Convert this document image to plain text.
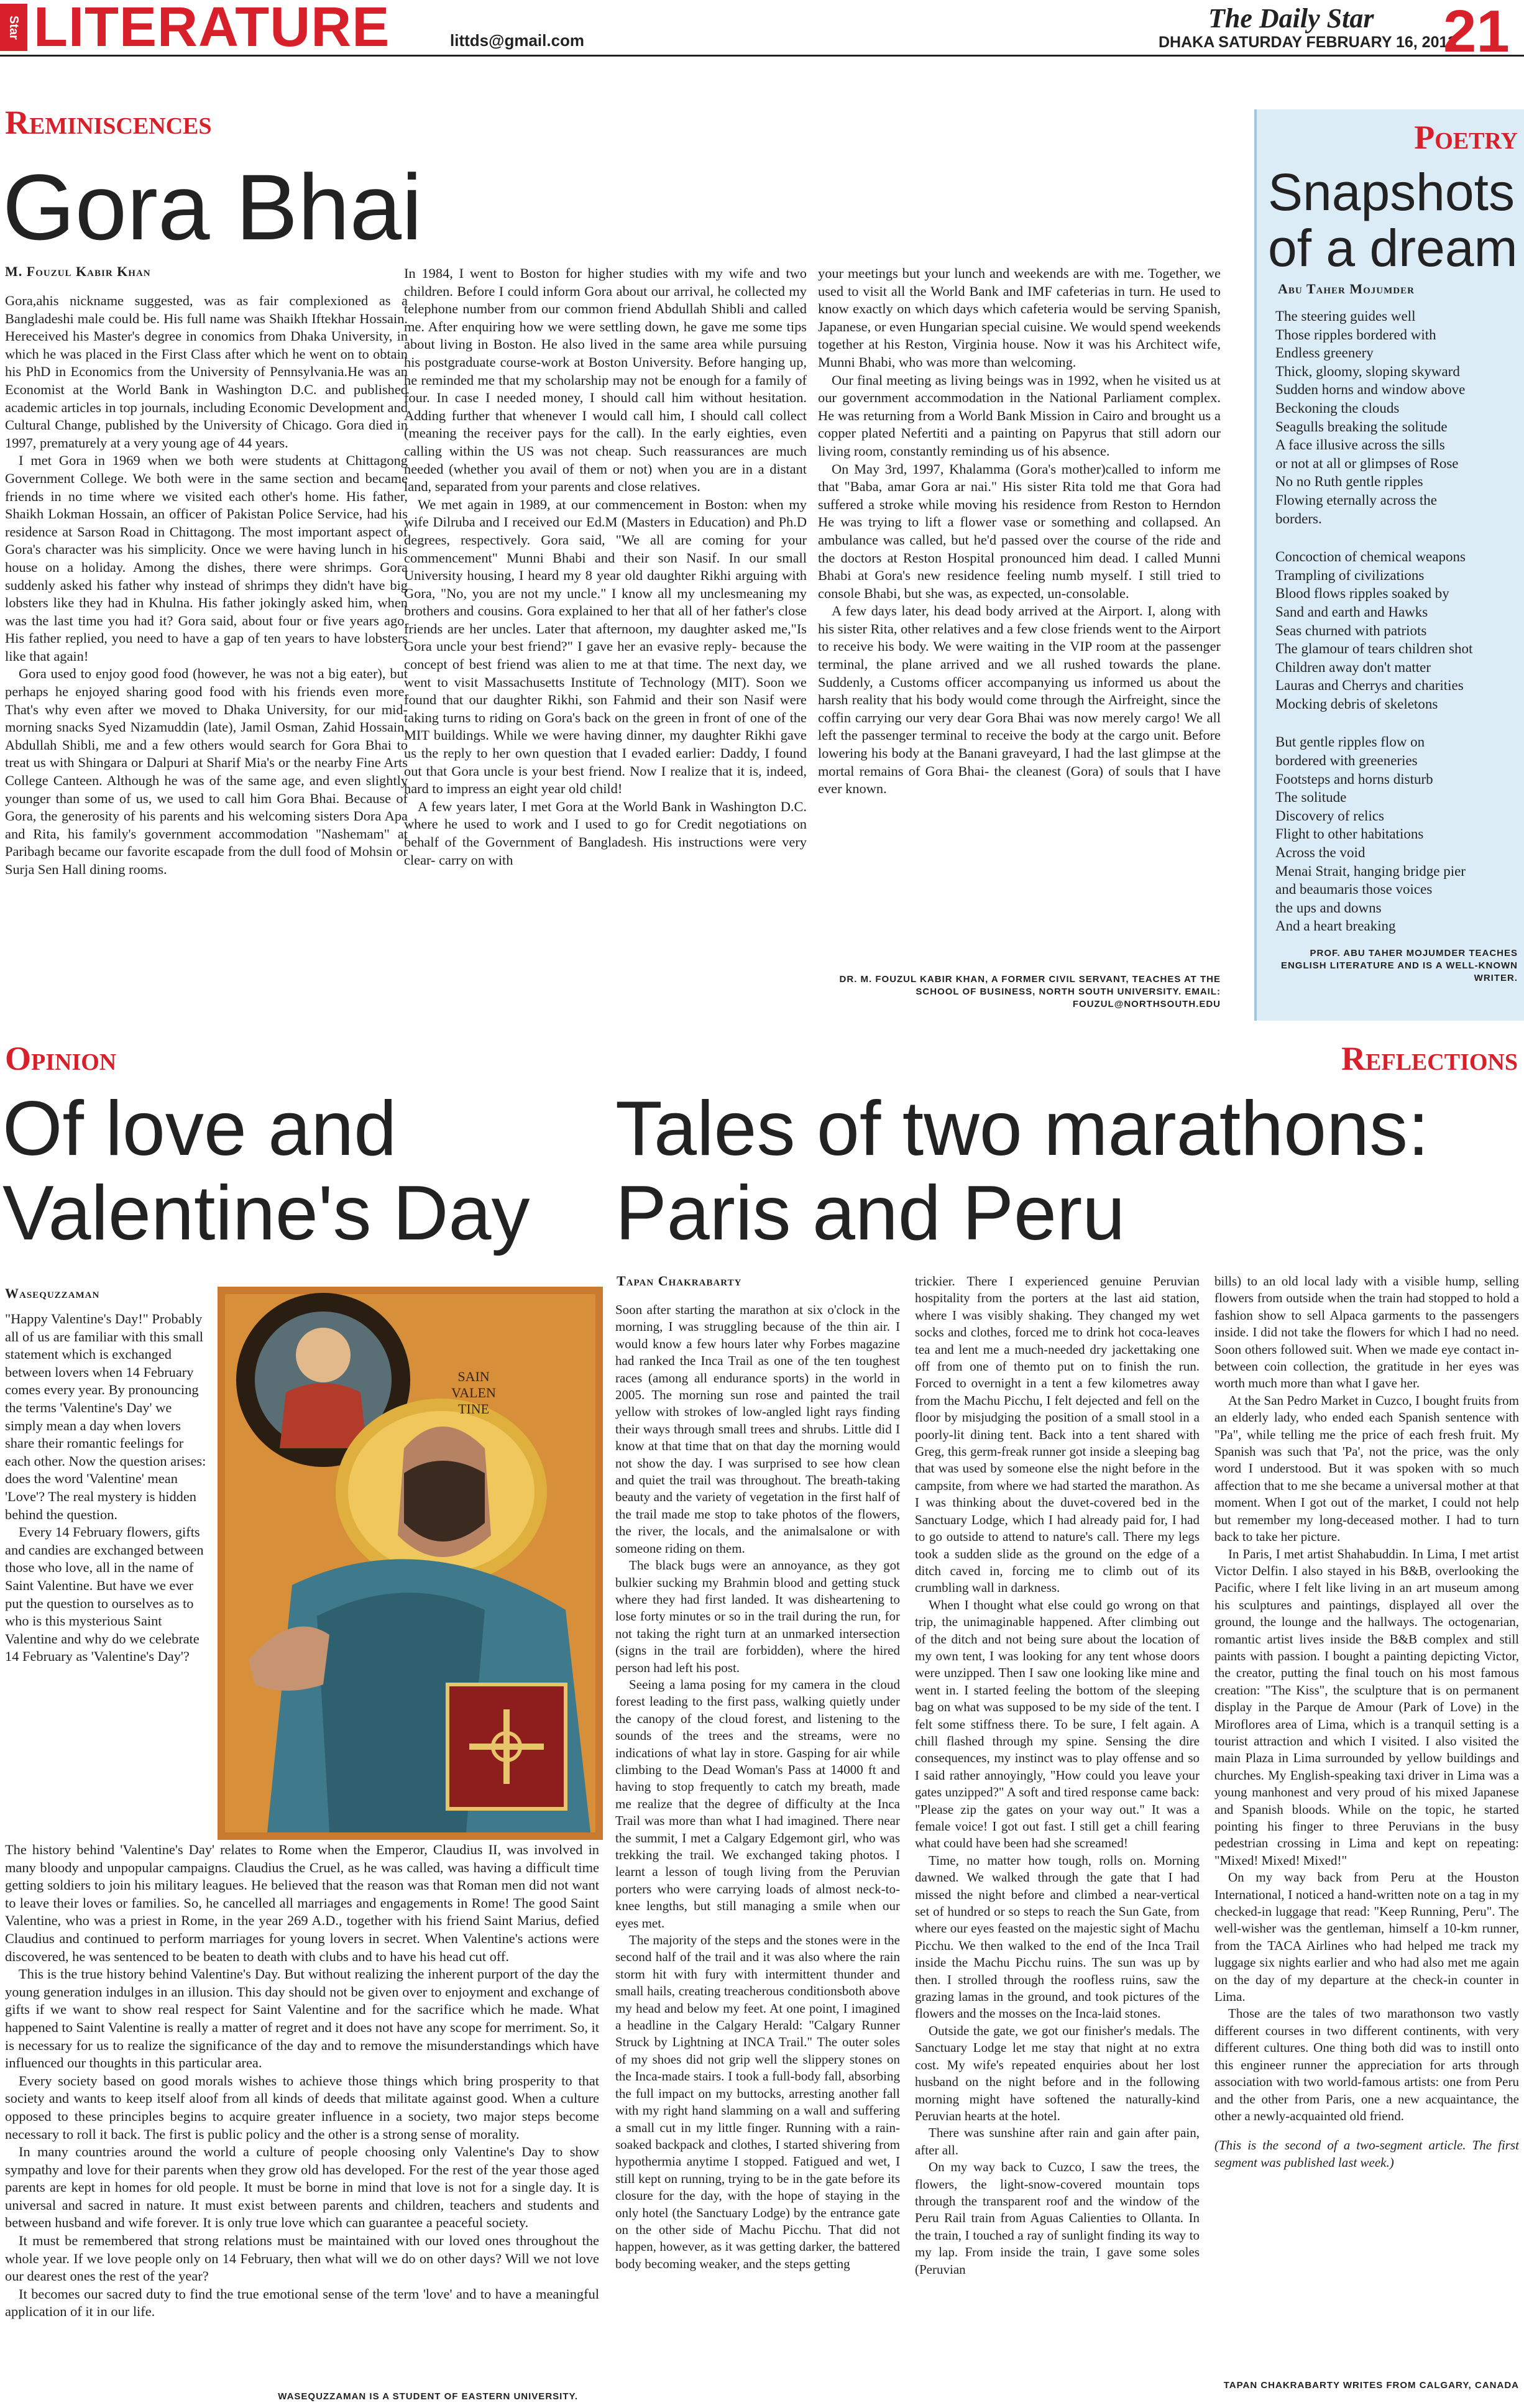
Star LITERATURE	littds@gmail.com
The Daily Star
DHAKA SATURDAY FEBRUARY 16, 2013
21
Reminiscences
Gora Bhai
M. Fouzul Kabir Khan

Gora,ahis nickname suggested, was as fair complexioned as a Bangladeshi male could be. His full name was Shaikh Iftekhar Hossain. Hereceived his Master's degree in conomics from Dhaka University, in which he was placed in the First Class after which he went on to obtain his PhD in Economics from the University of Pennsylvania.He was an Economist at the World Bank in Washington D.C. and published academic articles in top journals, including Economic Development and Cultural Change, published by the University of Chicago. Gora died in 1997, prematurely at a very young age of 44 years.

I met Gora in 1969 when we both were students at Chittagong Government College. We both were in the same section and became friends in no time where we visited each other's home. His father, Shaikh Lokman Hossain, an officer of Pakistan Police Service, had his residence at Sarson Road in Chittagong. The most important aspect of Gora's character was his simplicity. Once we were having lunch in his house on a holiday. Among the dishes, there were shrimps. Gora suddenly asked his father why instead of shrimps they didn't have big lobsters like they had in Khulna. His father jokingly asked him, when was the last time you had it? Gora said, about four or five years ago. His father replied, you need to have a gap of ten years to have lobsters like that again!

Gora used to enjoy good food (however, he was not a big eater), but perhaps he enjoyed sharing good food with his friends even more. That's why even after we moved to Dhaka University, for our mid-morning snacks Syed Nizamuddin (late), Jamil Osman, Zahid Hossain, Abdullah Shibli, me and a few others would search for Gora Bhai to treat us with Shingara or Dalpuri at Sharif Mia's or the nearby Fine Arts College Canteen. Although he was of the same age, and even slightly younger than some of us, we used to call him Gora Bhai. Because of Gora, the generosity of his parents and his welcoming sisters Dora Apa and Rita, his family's government accommodation "Nashemam" at Paribagh became our favorite escapade from the dull food of Mohsin or Surja Sen Hall dining rooms.

In 1984, I went to Boston for higher studies with my wife and two children. Before I could inform Gora about our arrival, he collected my telephone number from our common friend Abdullah Shibli and called me. After enquiring how we were settling down, he gave me some tips about living in Boston. He also lived in the same area while pursuing his postgraduate course-work at Boston University. Before hanging up, he reminded me that my scholarship may not be enough for a family of four. In case I needed money, I should call him without hesitation. Adding further that whenever I would call him, I should call collect (meaning the receiver pays for the call). In the early eighties, even calling within the US was not cheap. Such reassurances are much needed (whether you avail of them or not) when you are in a distant land, separated from your parents and close relatives.

We met again in 1989, at our commencement in Boston: when my wife Dilruba and I received our Ed.M (Masters in Education) and Ph.D degrees, respectively. Gora said, "We all are coming for your commencement" Munni Bhabi and their son Nasif. In our small University housing, I heard my 8 year old daughter Rikhi arguing with Gora, "No, you are not my uncle." I know all my unclesmeaning my brothers and cousins. Gora explained to her that all of her father's close friends are her uncles. Later that afternoon, my daughter asked me,"Is Gora uncle your best friend?" I gave her an evasive reply- because the concept of best friend was alien to me at that time. The next day, we went to visit Massachusetts Institute of Technology (MIT). Soon we found that our daughter Rikhi, son Fahmid and their son Nasif were taking turns to riding on Gora's back on the green in front of one of the MIT buildings. While we were having dinner, my daughter Rikhi gave us the reply to her own question that I evaded earlier: Daddy, I found out that Gora uncle is your best friend. Now I realize that it is, indeed, hard to impress an eight year old child!

A few years later, I met Gora at the World Bank in Washington D.C. where he used to work and I used to go for Credit negotiations on behalf of the Government of Bangladesh. His instructions were very clear- carry on with

your meetings but your lunch and weekends are with me. Together, we used to visit all the World Bank and IMF cafeterias in turn. He used to know exactly on which days which cafeteria would be serving Spanish, Japanese, or even Hungarian special cuisine. We would spend weekends together at his Reston, Virginia house. Now it was his Architect wife, Munni Bhabi, who was more than welcoming.

Our final meeting as living beings was in 1992, when he visited us at our government accommodation in the National Parliament complex. He was returning from a World Bank Mission in Cairo and brought us a copper plated Nefertiti and a painting on Papyrus that still adorn our living room, constantly reminding us of his absence.

On May 3rd, 1997, Khalamma (Gora's mother)called to inform me that "Baba, amar Gora ar nai." His sister Rita told me that Gora had suffered a stroke while moving his residence from Reston to Herndon He was trying to lift a flower vase or something and collapsed. An ambulance was called, but he'd passed over the course of the ride and the doctors at Reston Hospital pronounced him dead. I called Munni Bhabi at Gora's new residence feeling numb myself. I still tried to console Bhabi, but she was, as expected, un-consolable.

A few days later, his dead body arrived at the Airport. I, along with his sister Rita, other relatives and a few close friends went to the Airport to receive his body. We were waiting in the VIP room at the passenger terminal, the plane arrived and we all rushed towards the plane. Suddenly, a Customs officer accompanying us informed us about the harsh reality that his body would come through the Airfreight, since the coffin carrying our very dear Gora Bhai was now merely cargo! We all left the passenger terminal to receive the body at the cargo unit. Before lowering his body at the Banani graveyard, I had the last glimpse at the mortal remains of Gora Bhai- the cleanest (Gora) of souls that I have ever known.

DR. M. FOUZUL KABIR KHAN, A FORMER CIVIL SERVANT, TEACHES AT THE SCHOOL OF BUSINESS, NORTH SOUTH UNIVERSITY. EMAIL: FOUZUL@NORTHSOUTH.EDU
Poetry
Snapshots
of a dream
Abu Taher Mojumder
The steering guides well
Those ripples bordered with
Endless greenery
Thick, gloomy, sloping skyward
Sudden horns and window above
Beckoning the clouds
Seagulls breaking the solitude
A face illusive across the sills
or not at all or glimpses of Rose
No no Ruth gentle ripples
Flowing eternally across the
borders.
Concoction of chemical weapons
Trampling of civilizations
Blood flows ripples soaked by
Sand and earth and Hawks
Seas churned with patriots
The glamour of tears children shot
Children away don't matter
Lauras and Cherrys and charities
Mocking debris of skeletons
But gentle ripples flow on
bordered with greeneries
Footsteps and horns disturb
The solitude
Discovery of relics
Flight to other habitations
Across the void
Menai Strait, hanging bridge pier
and beaumaris those voices
the ups and downs
And a heart breaking
PROF. ABU TAHER MOJUMDER TEACHES ENGLISH LITERATURE AND IS A WELL-KNOWN WRITER.
Opinion
Of love and
Valentine's Day
Wasequzzaman

"Happy Valentine's Day!" Probably all of us are familiar with this small statement which is exchanged between lovers when 14 February comes every year. By pronouncing the terms 'Valentine's Day' we simply mean a day when lovers share their romantic feelings for each other. Now the question arises: does the word 'Valentine' mean 'Love'? The real mystery is hidden behind the question.

Every 14 February flowers, gifts and candies are exchanged between those who love, all in the name of Saint Valentine. But have we ever put the question to ourselves as to who is this mysterious Saint Valentine and why do we celebrate 14 February as 'Valentine's Day'?

SAIN VALEN TINE

The history behind 'Valentine's Day' relates to Rome when the Emperor, Claudius II, was involved in many bloody and unpopular campaigns. Claudius the Cruel, as he was called, was having a difficult time getting soldiers to join his military leagues. He believed that the reason was that Roman men did not want to leave their loves or families. So, he cancelled all marriages and engagements in Rome! The good Saint Valentine, who was a priest in Rome, in the year 269 A.D., together with his friend Saint Marius, defied Claudius and continued to perform marriages for young lovers in secret. When Valentine's actions were discovered, he was sentenced to be beaten to death with clubs and to have his head cut off.

This is the true history behind Valentine's Day. But without realizing the inherent purport of the day the young generation indulges in an illusion. This day should not be given over to enjoyment and exchange of gifts if we want to show real respect for Saint Valentine and for the sacrifice which he made. What happened to Saint Valentine is really a matter of regret and it does not have any scope for merriment. So, it is necessary for us to realize the significance of the day and to remove the misunderstandings which have influenced our thoughts in this particular area.

Every society based on good morals wishes to achieve those things which bring prosperity to that society and wants to keep itself aloof from all kinds of deeds that militate against good. When a culture opposed to these principles begins to acquire greater influence in a society, two major steps become necessary to roll it back. The first is public policy and the other is a strong sense of morality.

In many countries around the world a culture of people choosing only Valentine's Day to show sympathy and love for their parents when they grow old has developed. For the rest of the year those aged parents are kept in homes for old people. It must be borne in mind that love is not for a single day. It is universal and sacred in nature. It must exist between parents and children, teachers and students and between husband and wife forever. It is only true love which can guarantee a peaceful society.

It must be remembered that strong relations must be maintained with our loved ones throughout the whole year. If we love people only on 14 February, then what will we do on other days? Will we not love our dearest ones the rest of the year?

It becomes our sacred duty to find the true emotional sense of the term 'love' and to have a meaningful application of it in our life.

WASEQUZZAMAN IS A STUDENT OF EASTERN UNIVERSITY.
Reflections
Tales of two marathons:
Paris and Peru
Tapan Chakrabarty

Soon after starting the marathon at six o'clock in the morning, I was struggling because of the thin air. I would know a few hours later why Forbes magazine had ranked the Inca Trail as one of the ten toughest races (among all endurance sports) in the world in 2005. The morning sun rose and painted the trail yellow with strokes of low-angled light rays finding their ways through small trees and shrubs. Little did I know at that time that on that day the morning would not show the day. I was surprised to see how clean and quiet the trail was throughout. The breath-taking beauty and the variety of vegetation in the first half of the trail made me stop to take photos of the flowers, the river, the locals, and the animalsalone or with someone riding on them.

The black bugs were an annoyance, as they got bulkier sucking my Brahmin blood and getting stuck where they had first landed. It was disheartening to lose forty minutes or so in the trail during the run, for not taking the right turn at an unmarked intersection (signs in the trail are forbidden), where the hired person had left his post.

Seeing a lama posing for my camera in the cloud forest leading to the first pass, walking quietly under the canopy of the cloud forest, and listening to the sounds of the trees and the streams, were no indications of what lay in store. Gasping for air while climbing to the Dead Woman's Pass at 14000 ft and having to stop frequently to catch my breath, made me realize that the degree of difficulty at the Inca Trail was more than what I had imagined. There near the summit, I met a Calgary Edgemont girl, who was trekking the trail. We exchanged taking photos. I learnt a lesson of tough living from the Peruvian porters who were carrying loads of almost neck-to-knee lengths, but still managing a smile when our eyes met.

The majority of the steps and the stones were in the second half of the trail and it was also where the rain storm hit with fury with intermittent thunder and small hails, creating treacherous conditionsboth above my head and below my feet. At one point, I imagined a headline in the Calgary Herald: "Calgary Runner Struck by Lightning at INCA Trail." The outer soles of my shoes did not grip well the slippery stones on the Inca-made stairs. I took a full-body fall, absorbing the full impact on my buttocks, arresting another fall with my right hand slamming on a wall and suffering a small cut in my little finger. Running with a rain-soaked backpack and clothes, I started shivering from hypothermia anytime I stopped. Fatigued and wet, I still kept on running, trying to be in the gate before its closure for the day, with the hope of staying in the only hotel (the Sanctuary Lodge) by the entrance gate on the other side of Machu Picchu. That did not happen, however, as it was getting darker, the battered body becoming weaker, and the steps getting

trickier. There I experienced genuine Peruvian hospitality from the porters at the last aid station, where I was visibly shaking. They changed my wet socks and clothes, forced me to drink hot coca-leaves tea and lent me a much-needed dry jackettaking one off from one of themto put on to finish the run. Forced to overnight in a tent a few kilometres away from the Machu Picchu, I felt dejected and fell on the floor by misjudging the position of a small stool in a poorly-lit dining tent. Back into a tent shared with Greg, this germ-freak runner got inside a sleeping bag that was used by someone else the night before in the campsite, from where we had started the marathon. As I was thinking about the duvet-covered bed in the Sanctuary Lodge, which I had already paid for, I had to go outside to attend to nature's call. There my legs took a sudden slide as the ground on the edge of a ditch caved in, forcing me to climb out of its crumbling wall in darkness.

When I thought what else could go wrong on that trip, the unimaginable happened. After climbing out of the ditch and not being sure about the location of my own tent, I was looking for any tent whose doors were unzipped. Then I saw one looking like mine and went in. I started feeling the bottom of the sleeping bag on what was supposed to be my side of the tent. I felt some stiffness there. To be sure, I felt again. A chill flashed through my spine. Sensing the dire consequences, my instinct was to play offense and so I said rather annoyingly, "How could you leave your gates unzipped?" A soft and tired response came back: "Please zip the gates on your way out." It was a female voice! I got out fast. I still get a chill fearing what could have been had she screamed!

Time, no matter how tough, rolls on. Morning dawned. We walked through the gate that I had missed the night before and climbed a near-vertical set of hundred or so steps to reach the Sun Gate, from where our eyes feasted on the majestic sight of Machu Picchu. We then walked to the end of the Inca Trail inside the Machu Picchu ruins. The sun was up by then. I strolled through the roofless ruins, saw the grazing lamas in the ground, and took pictures of the flowers and the mosses on the Inca-laid stones.

Outside the gate, we got our finisher's medals. The Sanctuary Lodge let me stay that night at no extra cost. My wife's repeated enquiries about her lost husband on the night before and in the following morning might have softened the naturally-kind Peruvian hearts at the hotel.

There was sunshine after rain and gain after pain, after all.

On my way back to Cuzco, I saw the trees, the flowers, the light-snow-covered mountain tops through the transparent roof and the window of the Peru Rail train from Aguas Calienties to Ollanta. In the train, I touched a ray of sunlight finding its way to my lap. From inside the train, I gave some soles (Peruvian

bills) to an old local lady with a visible hump, selling flowers from outside when the train had stopped to hold a fashion show to sell Alpaca garments to the passengers inside. I did not take the flowers for which I had no need. Soon others followed suit. When we made eye contact in-between coin collection, the gratitude in her eyes was worth much more than what I gave her.

At the San Pedro Market in Cuzco, I bought fruits from an elderly lady, who ended each Spanish sentence with "Pa", while telling me the price of each fresh fruit. My Spanish was such that 'Pa', not the price, was the only word I understood. But it was spoken with so much affection that to me she became a universal mother at that moment. When I got out of the market, I could not help but remember my long-deceased mother. I had to turn back to take her picture.

In Paris, I met artist Shahabuddin. In Lima, I met artist Victor Delfin. I also stayed in his B&B, overlooking the Pacific, where I felt like living in an art museum among his sculptures and paintings, displayed all over the ground, the lounge and the hallways. The octogenarian, romantic artist lives inside the B&B complex and still paints with passion. I bought a painting depicting Victor, the creator, putting the final touch on his most famous creation: "The Kiss", the sculpture that is on permanent display in the Parque de Amour (Park of Love) in the Miroflores area of Lima, which is a tranquil setting is a tourist attraction and which I visited. I also visited the main Plaza in Lima surrounded by yellow buildings and churches. My English-speaking taxi driver in Lima was a young manhonest and very proud of his mixed Japanese and Spanish bloods. While on the topic, he started pointing his finger to three Peruvians in the busy pedestrian crossing in Lima and kept on repeating: "Mixed! Mixed! Mixed!"

On my way back from Peru at the Houston International, I noticed a hand-written note on a tag in my checked-in luggage that read: "Keep Running, Peru". The well-wisher was the gentleman, himself a 10-km runner, from the TACA Airlines who had helped me track my luggage six nights earlier and who had also met me again on the day of my departure at the check-in counter in Lima.

Those are the tales of two marathonson two vastly different courses in two different continents, with very different cultures. One thing both did was to instill onto this engineer runner the appreciation for arts through association with two world-famous artists: one from Peru and the other from Paris, one a new acquaintance, the other a newly-acquainted old friend.

(This is the second of a two-segment article. The first segment was published last week.)

TAPAN CHAKRABARTY WRITES FROM CALGARY, CANADA
